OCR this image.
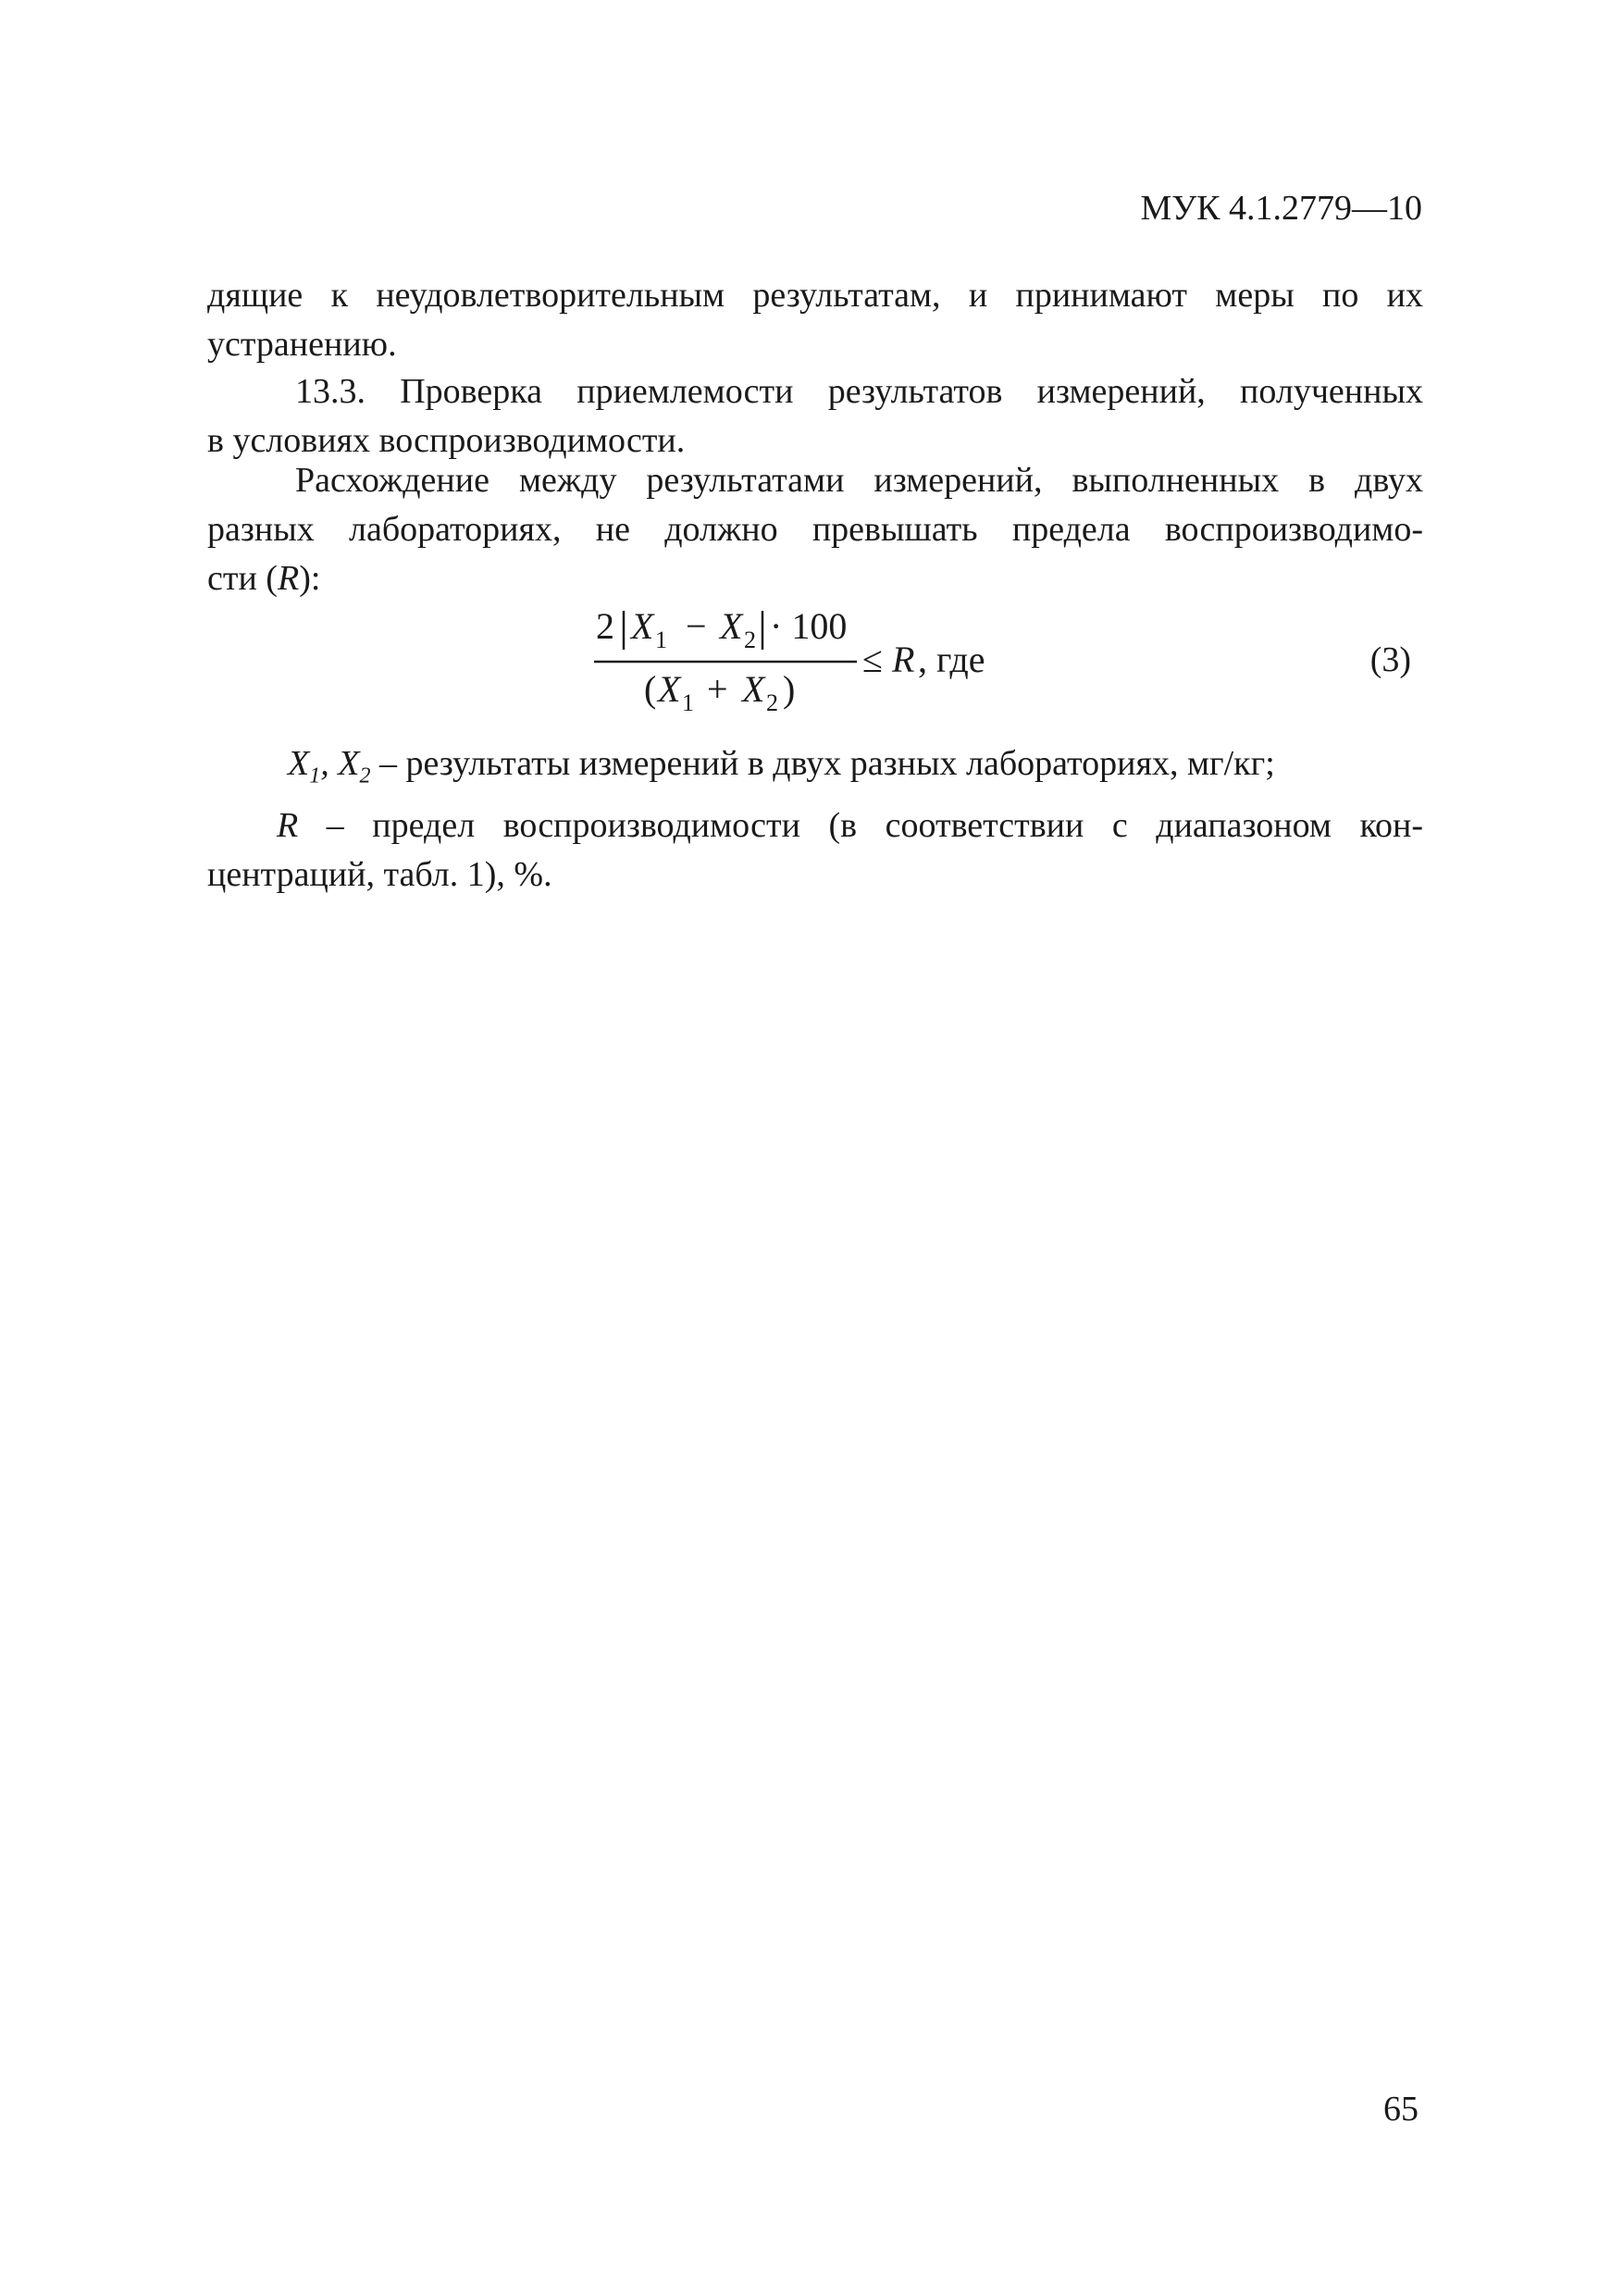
МУК 4.1.2779—10
дящие к неудовлетворительным результатам, и принимают меры по их
устранению.
13.3. Проверка приемлемости результатов измерений, полученных
в условиях воспроизводимости.
Расхождение между результатами измерений, выполненных в двух
разных лабораториях, не должно превышать предела воспроизводимо-
сти (R):
2 X 1 − X 2 · 100
( X 1 + X 2 )
≤ R , где	(3)
$X_1$, $X_2$ – результаты измерений в двух разных лабораториях, мг/кг;
R – предел воспроизводимости (в соответствии с диапазоном кон-
центраций, табл. 1), %.
65
